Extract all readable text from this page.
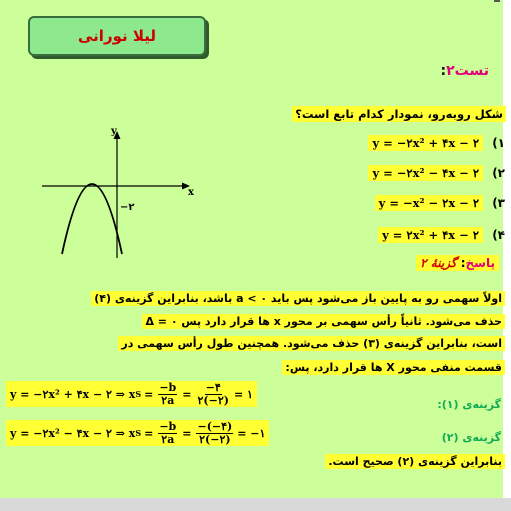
لیلا نورانی
تست۲:
شکل روبه‌رو، نمودار کدام تابع است؟
y = −۲x² + ۴x − ۲	(۱
y = −۲x² − ۴x − ۲	(۲
y = −x² − ۲x − ۲	(۳
y = ۲x² + ۴x − ۲	(۴
x
y
−۲
پاسخ: گزینهٔ ۲
اولاً سهمی رو به پایین باز می‌شود پس باید a < ۰ باشد، بنابراین گزینه‌ی (۴)
حذف می‌شود. ثانیاً رأس سهمی بر محور x ها قرار دارد پس Δ = ۰
است، بنابراین گزینه‌ی (۳) حذف می‌شود. همچنین طول رأس سهمی در
قسمت منفی محور X ها قرار دارد، پس:
y = −۲x² + ۴x − ۲ ⇒ x $S = \frac{-b}{۲a} = \frac{-۴}{۲(-۲)}$ = ۱
گزینه‌ی (۱):
y = −۲x² − ۴x − ۲ ⇒ x $S = \frac{-b}{۲a} = \frac{-(-۴)}{۲(-۲)}$ = −۱	گزینه‌ی (۲)
بنابراین گزینه‌ی (۲) صحیح است.
